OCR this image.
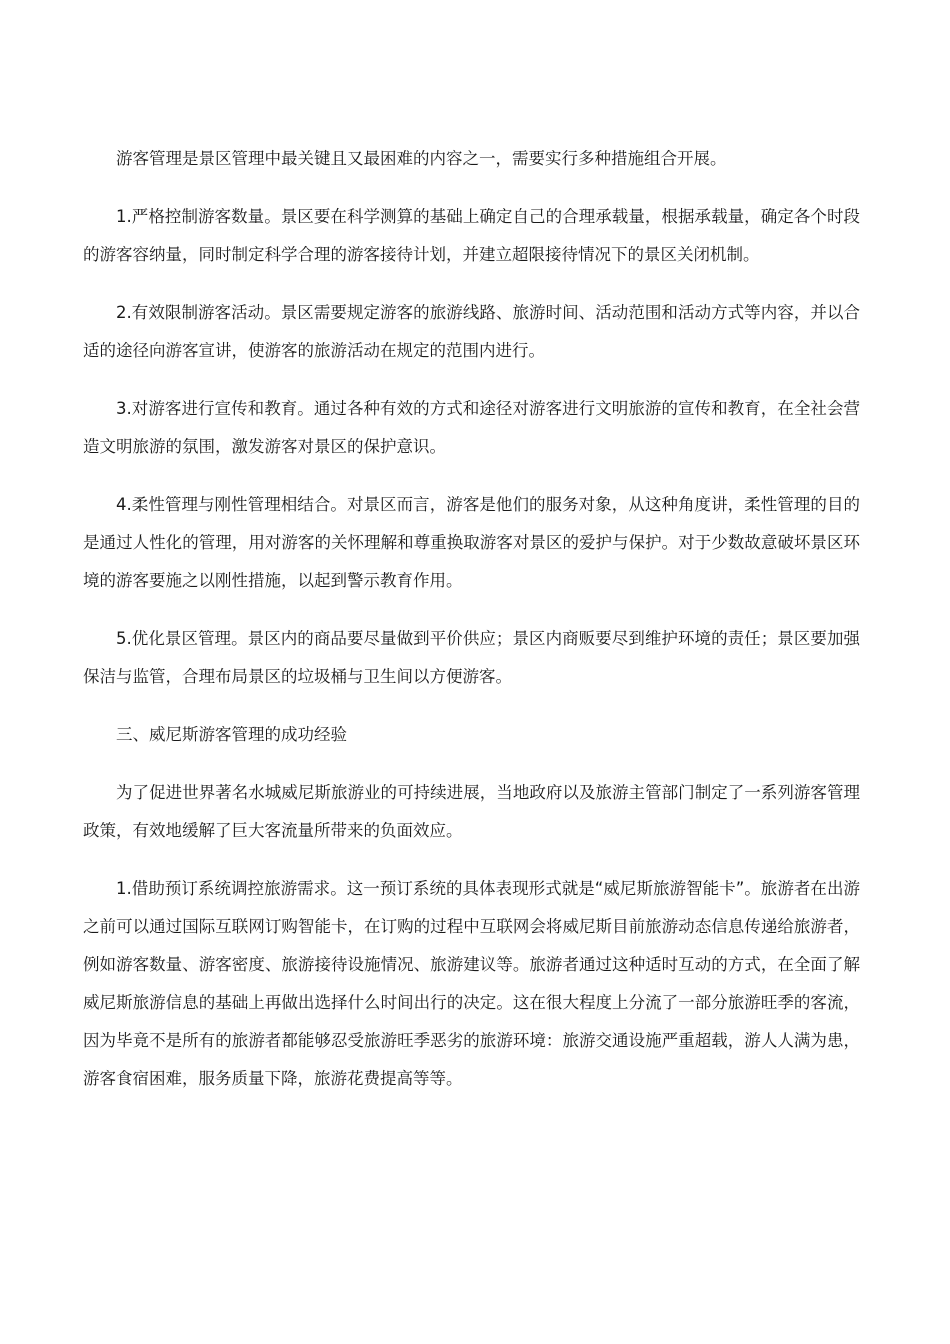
游客管理是景区管理中最关键且又最困难的内容之一，需要实行多种措施组合开展。

1.严格控制游客数量。景区要在科学测算的基础上确定自己的合理承载量，根据承载量，确定各个时段的游客容纳量，同时制定科学合理的游客接待计划，并建立超限接待情况下的景区关闭机制。

2.有效限制游客活动。景区需要规定游客的旅游线路、旅游时间、活动范围和活动方式等内容，并以合适的途径向游客宣讲，使游客的旅游活动在规定的范围内进行。

3.对游客进行宣传和教育。通过各种有效的方式和途径对游客进行文明旅游的宣传和教育，在全社会营造文明旅游的氛围，激发游客对景区的保护意识。

4.柔性管理与刚性管理相结合。对景区而言，游客是他们的服务对象，从这种角度讲，柔性管理的目的是通过人性化的管理，用对游客的关怀理解和尊重换取游客对景区的爱护与保护。对于少数故意破坏景区环境的游客要施之以刚性措施，以起到警示教育作用。

5.优化景区管理。景区内的商品要尽量做到平价供应；景区内商贩要尽到维护环境的责任；景区要加强保洁与监管，合理布局景区的垃圾桶与卫生间以方便游客。

三、威尼斯游客管理的成功经验

为了促进世界著名水城威尼斯旅游业的可持续进展，当地政府以及旅游主管部门制定了一系列游客管理政策，有效地缓解了巨大客流量所带来的负面效应。

1.借助预订系统调控旅游需求。这一预订系统的具体表现形式就是“威尼斯旅游智能卡”。旅游者在出游之前可以通过国际互联网订购智能卡，在订购的过程中互联网会将威尼斯目前旅游动态信息传递给旅游者，例如游客数量、游客密度、旅游接待设施情况、旅游建议等。旅游者通过这种适时互动的方式，在全面了解威尼斯旅游信息的基础上再做出选择什么时间出行的决定。这在很大程度上分流了一部分旅游旺季的客流，因为毕竟不是所有的旅游者都能够忍受旅游旺季恶劣的旅游环境：旅游交通设施严重超载，游人人满为患，游客食宿困难，服务质量下降，旅游花费提高等等。
